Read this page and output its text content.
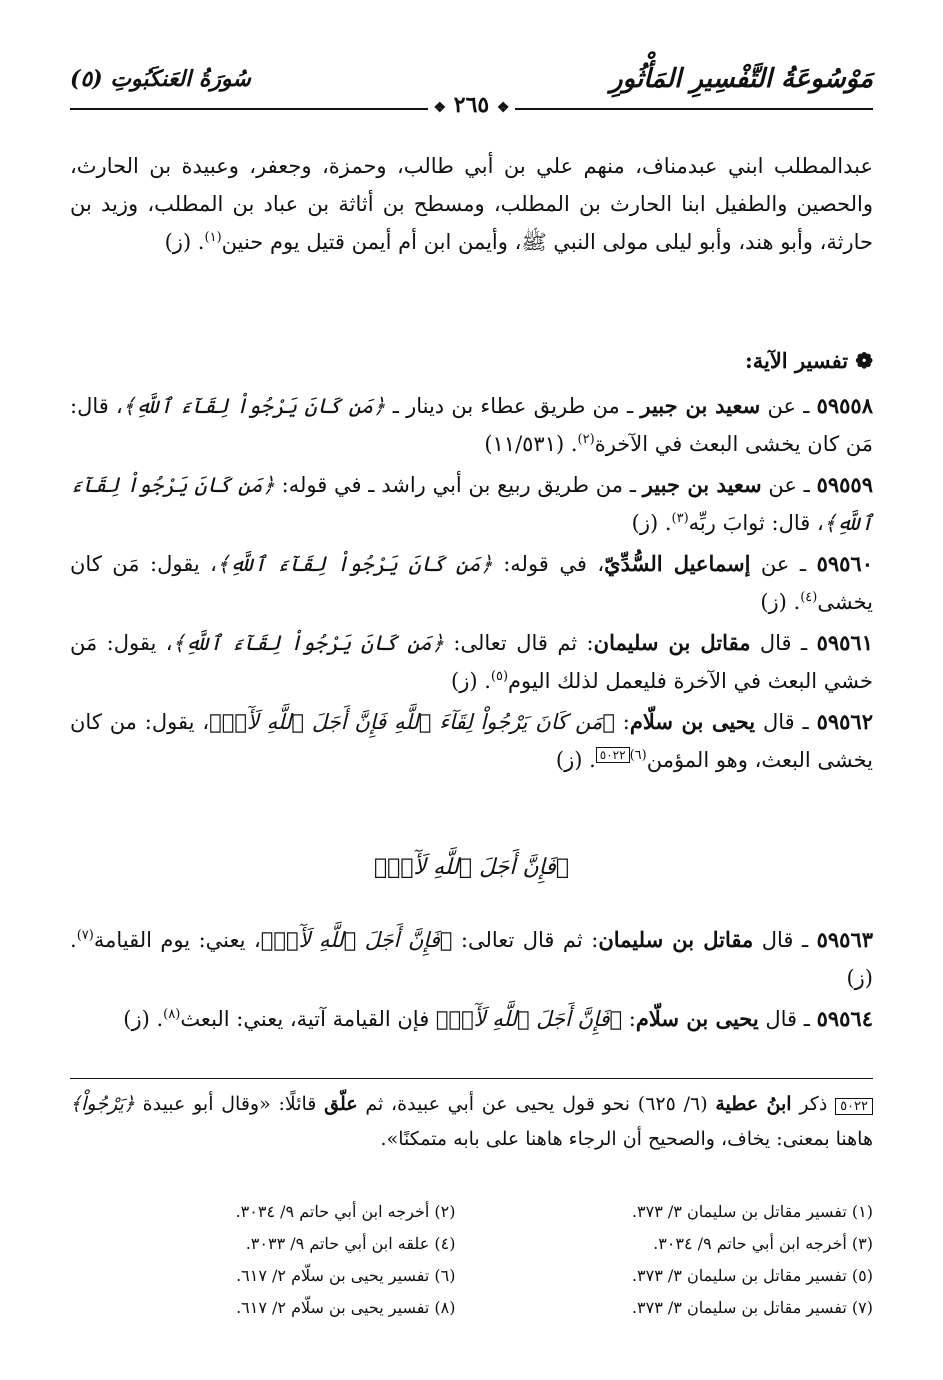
مَوْسُوعَةُ التَّفْسِيرِ المَأْثُورِ
سُورَةُ العَنكَبُوتِ (٥)
❖ ٢٦٥ ❖
عبدالمطلب ابني عبدمناف، منهم علي بن أبي طالب، وحمزة، وجعفر، وعبيدة بن الحارث، والحصين والطفيل ابنا الحارث بن المطلب، ومسطح بن أثاثة بن عباد بن المطلب، وزيد بن حارثة، وأبو هند، وأبو ليلى مولى النبي ﷺ، وأيمن ابن أم أيمن قتيل يوم حنين$^{(١)}$. (ز)
❁ تفسير الآية:
٥٩٥٥٨ ـ عن سعيد بن جبير ـ من طريق عطاء بن دينار ـ ﴿مَن كَانَ يَرْجُواْ لِقَآءَ ٱللَّهِ﴾، قال: مَن كان يخشى البعث في الآخرة$^{(٢)}$. (١١/٥٣١)
٥٩٥٥٩ ـ عن سعيد بن جبير ـ من طريق ربيع بن أبي راشد ـ في قوله: ﴿مَن كَانَ يَرْجُواْ لِقَآءَ ٱللَّهِ﴾، قال: ثوابَ ربِّه$^{(٣)}$. (ز)
٥٩٥٦٠ ـ عن إسماعيل السُّدِّيّ، في قوله: ﴿مَن كَانَ يَرْجُواْ لِقَآءَ ٱللَّهِ﴾، يقول: مَن كان يخشى$^{(٤)}$. (ز)
٥٩٥٦١ ـ قال مقاتل بن سليمان: ثم قال تعالى: ﴿مَن كَانَ يَرْجُواْ لِقَآءَ ٱللَّهِ﴾، يقول: مَن خشي البعث في الآخرة فليعمل لذلك اليوم$^{(٥)}$. (ز)
٥٩٥٦٢ ـ قال يحيى بن سلّام: ﴿مَن كَانَ يَرْجُواْ لِقَآءَ ٱللَّهِ فَإِنَّ أَجَلَ ٱللَّهِ لَأٓتٖ﴾، يقول: من كان يخشى البعث، وهو المؤمن$^{(٦)٥٠٢٢}$. (ز)
﴿فَإِنَّ أَجَلَ ٱللَّهِ لَأٓتٖ﴾
٥٩٥٦٣ ـ قال مقاتل بن سليمان: ثم قال تعالى: ﴿فَإِنَّ أَجَلَ ٱللَّهِ لَأٓتٖ﴾، يعني: يوم القيامة$^{(٧)}$. (ز)
٥٩٥٦٤ ـ قال يحيى بن سلّام: ﴿فَإِنَّ أَجَلَ ٱللَّهِ لَأٓتٖ﴾ فإن القيامة آتية، يعني: البعث$^{(٨)}$. (ز)
٥٠٢٢ ذكر ابنُ عطية (٦/ ٦٢٥) نحو قول يحيى عن أبي عبيدة، ثم علّق قائلًا: «وقال أبو عبيدة ﴿يَرْجُواْ﴾ هاهنا بمعنى: يخاف، والصحيح أن الرجاء هاهنا على بابه متمكنًا».
(١) تفسير مقاتل بن سليمان ٣/ ٣٧٣.
(٣) أخرجه ابن أبي حاتم ٩/ ٣٠٣٤.
(٥) تفسير مقاتل بن سليمان ٣/ ٣٧٣.
(٧) تفسير مقاتل بن سليمان ٣/ ٣٧٣.
(٢) أخرجه ابن أبي حاتم ٩/ ٣٠٣٤.
(٤) علقه ابن أبي حاتم ٩/ ٣٠٣٣.
(٦) تفسير يحيى بن سلّام ٢/ ٦١٧.
(٨) تفسير يحيى بن سلّام ٢/ ٦١٧.
